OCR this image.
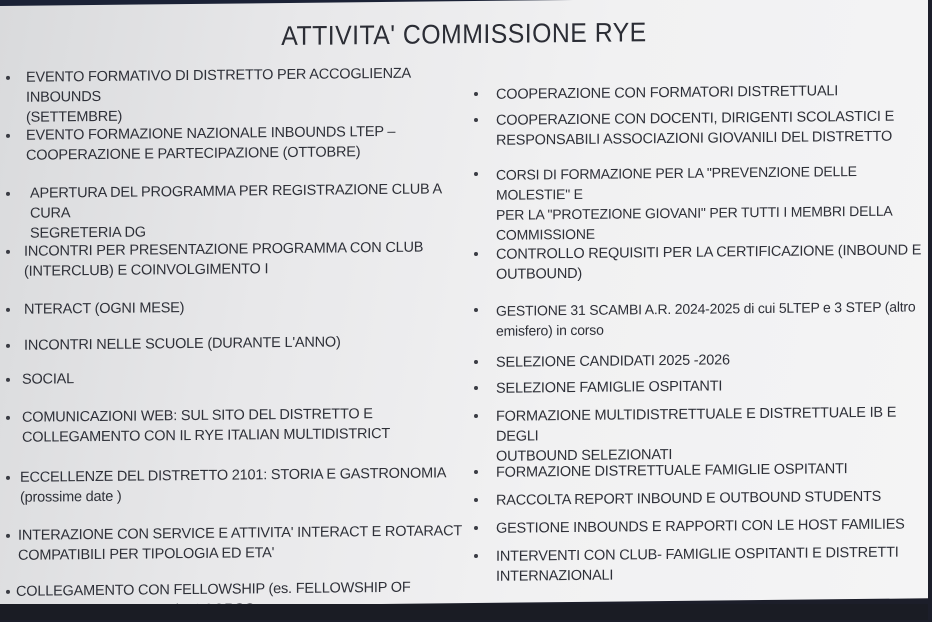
ATTIVITA' COMMISSIONE RYE
EVENTO FORMATIVO DI DISTRETTO PER ACCOGLIENZA INBOUNDS
(SETTEMBRE)
EVENTO FORMAZIONE NAZIONALE INBOUNDS LTEP –
COOPERAZIONE E PARTECIPAZIONE (OTTOBRE)
APERTURA DEL PROGRAMMA PER REGISTRAZIONE CLUB A CURA
SEGRETERIA DG
INCONTRI PER PRESENTAZIONE PROGRAMMA CON CLUB
(INTERCLUB) E COINVOLGIMENTO I
NTERACT (OGNI MESE)
INCONTRI NELLE SCUOLE (DURANTE L'ANNO)
SOCIAL
COMUNICAZIONI WEB: SUL SITO DEL DISTRETTO E
COLLEGAMENTO CON IL RYE ITALIAN MULTIDISTRICT
ECCELLENZE DEL DISTRETTO 2101: STORIA E GASTRONOMIA
(prossime date )
INTERAZIONE CON SERVICE E ATTIVITA' INTERACT E ROTARACT
COMPATIBILI PER TIPOLOGIA ED ETA'
COLLEGAMENTO CON FELLOWSHIP (es. FELLOWSHIP OF

COOPERAZIONE CON FORMATORI DISTRETTUALI
COOPERAZIONE CON DOCENTI, DIRIGENTI SCOLASTICI E
RESPONSABILI ASSOCIAZIONI GIOVANILI DEL DISTRETTO
CORSI DI FORMAZIONE PER LA "PREVENZIONE DELLE MOLESTIE" E
PER LA "PROTEZIONE GIOVANI" PER TUTTI I MEMBRI DELLA
COMMISSIONE
CONTROLLO REQUISITI PER LA CERTIFICAZIONE (INBOUND E
OUTBOUND)
GESTIONE 31 SCAMBI A.R. 2024-2025 di cui 5LTEP e 3 STEP (altro
emisfero) in corso
SELEZIONE CANDIDATI 2025 -2026
SELEZIONE FAMIGLIE OSPITANTI
FORMAZIONE MULTIDISTRETTUALE E DISTRETTUALE IB E DEGLI
OUTBOUND SELEZIONATI
FORMAZIONE DISTRETTUALE FAMIGLIE OSPITANTI
RACCOLTA REPORT INBOUND E OUTBOUND STUDENTS
GESTIONE INBOUNDS E RAPPORTI CON LE HOST FAMILIES
INTERVENTI CON CLUB- FAMIGLIE OSPITANTI E DISTRETTI
INTERNAZIONALI
